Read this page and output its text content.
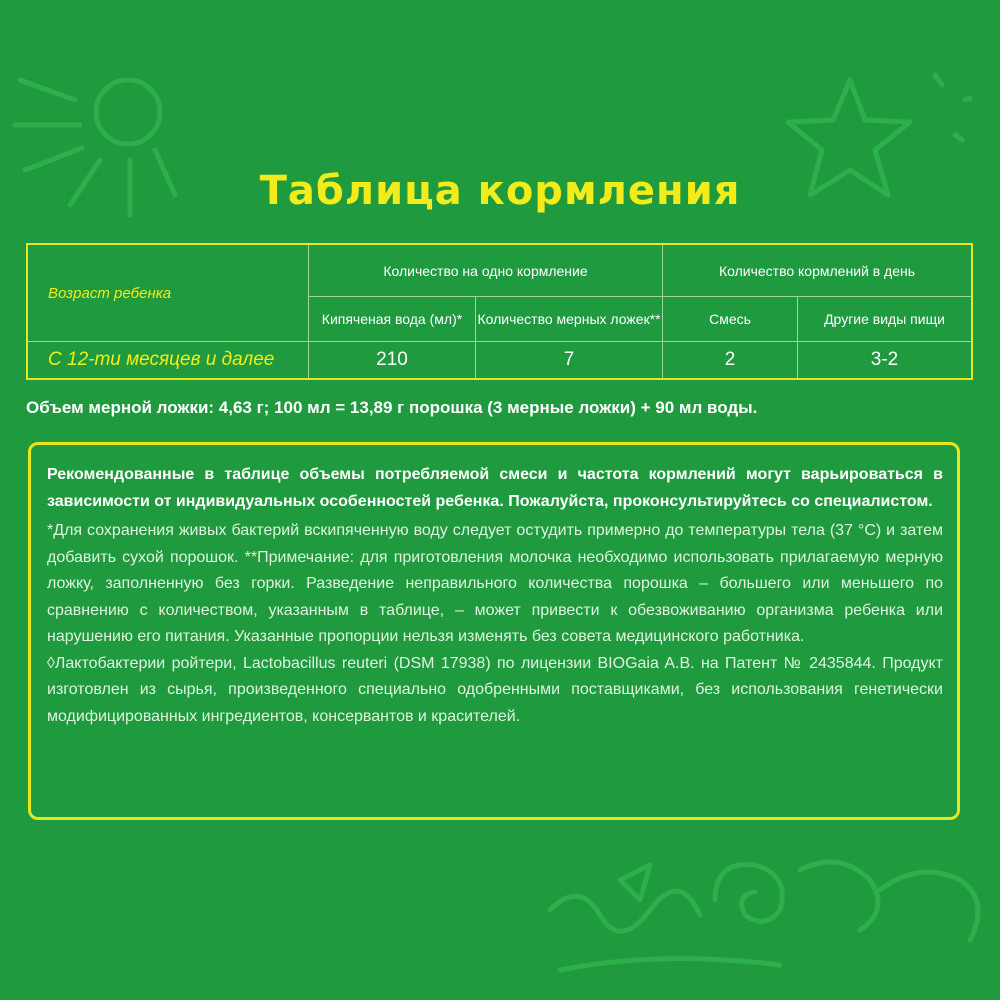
Таблица кормления
Возраст ребенка	Количество на одно кормление		Количество кормлений в день	
	Кипяченая вода (мл)*	Количество мерных ложек**	Смесь	Другие виды пищи
С 12-ти месяцев и далее	210	7	2	3-2
Объем мерной ложки: 4,63 г; 100 мл = 13,89 г порошка (3 мерные ложки) + 90 мл воды.

Рекомендованные в таблице объемы потребляемой смеси и частота кормлений могут варьироваться в зависимости от индивидуальных особенностей ребенка. Пожалуйста, проконсультируйтесь со специалистом.

*Для сохранения живых бактерий вскипяченную воду следует остудить примерно до температуры тела (37 °С) и затем добавить сухой порошок. **Примечание: для приготовления молочка необходимо использовать прилагаемую мерную ложку, заполненную без горки. Разведение неправильного количества порошка – большего или меньшего по сравнению с количеством, указанным в таблице, – может привести к обезвоживанию организма ребенка или нарушению его питания. Указанные пропорции нельзя изменять без совета медицинского работника.

◊Лактобактерии ройтери, Lactobacillus reuteri (DSM 17938) по лицензии BIOGaia A.B. на Патент № 2435844. Продукт изготовлен из сырья, произведенного специально одобренными поставщиками, без использования генетически модифицированных ингредиентов, консервантов и красителей.
